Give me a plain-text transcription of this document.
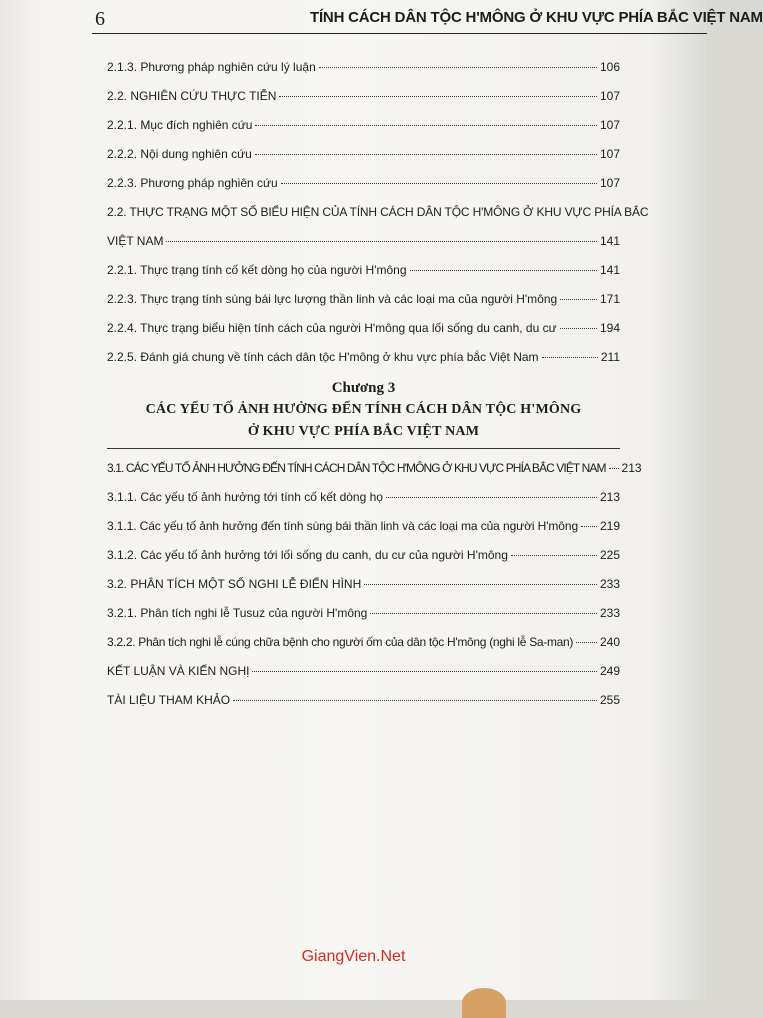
6	TÍNH CÁCH DÂN TỘC H'MÔNG Ở KHU VỰC PHÍA BẮC VIỆT NAM
2.1.3. Phương pháp nghiên cứu lý luận	106
2.2. NGHIÊN CỨU THỰC TIỄN	107
2.2.1. Mục đích nghiên cứu	107
2.2.2. Nội dung nghiên cứu	107
2.2.3. Phương pháp nghiên cứu	107
2.2. THỰC TRẠNG MỘT SỐ BIỂU HIỆN CỦA TÍNH CÁCH DÂN TỘC H'MÔNG Ở KHU VỰC PHÍA BẮC
VIỆT NAM	141
2.2.1. Thực trạng tính cố kết dòng họ của người H'mông	141
2.2.3. Thực trạng tính sùng bái lực lượng thần linh và các loại ma của người H'mông	171
2.2.4. Thực trạng biểu hiện tính cách của người H'mông qua lối sống du canh, du cư	194
2.2.5. Đánh giá chung về tính cách dân tộc H'mông ở khu vực phía bắc Việt Nam	211
Chương 3
CÁC YẾU TỐ ẢNH HƯỞNG ĐẾN TÍNH CÁCH DÂN TỘC H'MÔNG
Ở KHU VỰC PHÍA BẮC VIỆT NAM
3.1. CÁC YẾU TỐ ẢNH HƯỞNG ĐẾN TÍNH CÁCH DÂN TỘC H'MÔNG Ở KHU VỰC PHÍA BẮC VIỆT NAM 213
3.1.1. Các yếu tố ảnh hưởng tới tính cố kết dòng họ	213
3.1.1. Các yếu tố ảnh hưởng đến tính sùng bái thần linh và các loại ma của người H'mông 219
3.1.2. Các yếu tố ảnh hưởng tới lối sống du canh, du cư của người H'mông	225
3.2. PHÂN TÍCH MỘT SỐ NGHI LỄ ĐIỂN HÌNH	233
3.2.1. Phân tích nghi lễ Tusuz của người H'mông	233
3.2.2. Phân tích nghi lễ cúng chữa bệnh cho người ốm của dân tộc H'mông (nghi lễ Sa-man) 240
KẾT LUẬN VÀ KIẾN NGHỊ	249
TÀI LIỆU THAM KHẢO	255
GiangVien.Net
